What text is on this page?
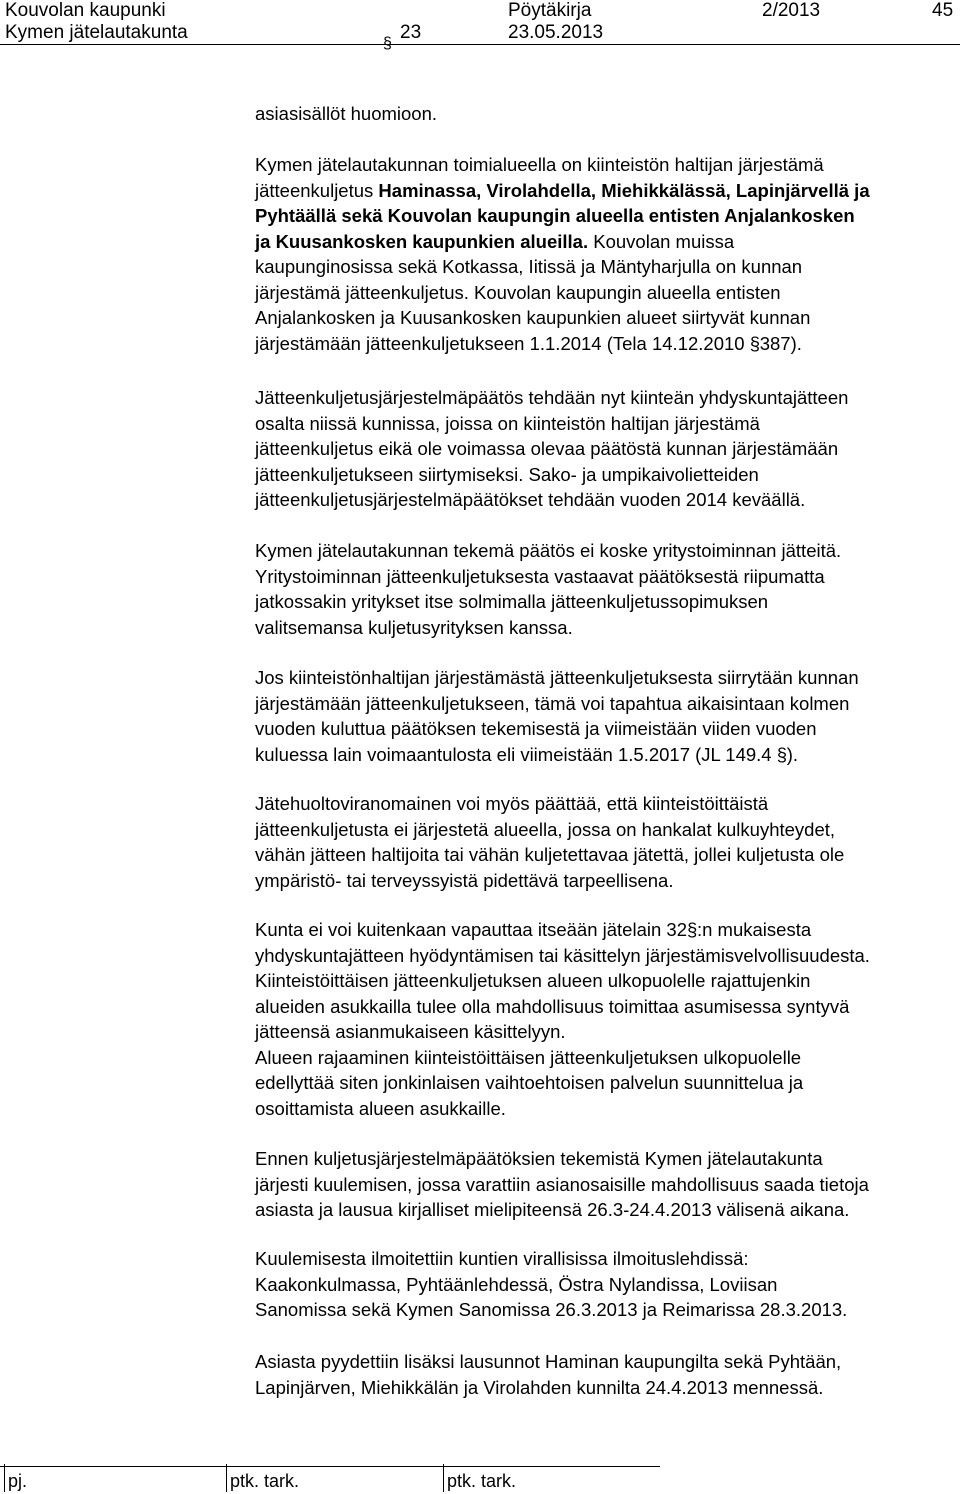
Kouvolan kaupunki	Pöytäkirja	2/2013	45
Kymen jätelautakunta	23	23.05.2013
§
asiasisällöt huomioon.
Kymen jätelautakunnan toimialueella on kiinteistön haltijan järjestämä
jätteenkuljetus Haminassa, Virolahdella, Miehikkälässä, Lapinjärvellä ja
Pyhtäällä sekä Kouvolan kaupungin alueella entisten Anjalankosken
ja Kuusankosken kaupunkien alueilla. Kouvolan muissa
kaupunginosissa sekä Kotkassa, Iitissä ja Mäntyharjulla on kunnan
järjestämä jätteenkuljetus. Kouvolan kaupungin alueella entisten
Anjalankosken ja Kuusankosken kaupunkien alueet siirtyvät kunnan
järjestämään jätteenkuljetukseen 1.1.2014 (Tela 14.12.2010 §387).
Jätteenkuljetusjärjestelmäpäätös tehdään nyt kiinteän yhdyskuntajätteen
osalta niissä kunnissa, joissa on kiinteistön haltijan järjestämä
jätteenkuljetus eikä ole voimassa olevaa päätöstä kunnan järjestämään
jätteenkuljetukseen siirtymiseksi. Sako- ja umpikaivolietteiden
jätteenkuljetusjärjestelmäpäätökset tehdään vuoden 2014 keväällä.
Kymen jätelautakunnan tekemä päätös ei koske yritystoiminnan jätteitä.
Yritystoiminnan jätteenkuljetuksesta vastaavat päätöksestä riipumatta
jatkossakin yritykset itse solmimalla jätteenkuljetussopimuksen
valitsemansa kuljetusyrityksen kanssa.
Jos kiinteistönhaltijan järjestämästä jätteenkuljetuksesta siirrytään kunnan
järjestämään jätteenkuljetukseen, tämä voi tapahtua aikaisintaan kolmen
vuoden kuluttua päätöksen tekemisestä ja viimeistään viiden vuoden
kuluessa lain voimaantulosta eli viimeistään 1.5.2017 (JL 149.4 §).
Jätehuoltoviranomainen voi myös päättää, että kiinteistöittäistä
jätteenkuljetusta ei järjestetä alueella, jossa on hankalat kulkuyhteydet,
vähän jätteen haltijoita tai vähän kuljetettavaa jätettä, jollei kuljetusta ole
ympäristö- tai terveyssyistä pidettävä tarpeellisena.
Kunta ei voi kuitenkaan vapauttaa itseään jätelain 32§:n mukaisesta
yhdyskuntajätteen hyödyntämisen tai käsittelyn järjestämisvelvollisuudesta.
Kiinteistöittäisen jätteenkuljetuksen alueen ulkopuolelle rajattujenkin
alueiden asukkailla tulee olla mahdollisuus toimittaa asumisessa syntyvä
jätteensä asianmukaiseen käsittelyyn.
Alueen rajaaminen kiinteistöittäisen jätteenkuljetuksen ulkopuolelle
edellyttää siten jonkinlaisen vaihtoehtoisen palvelun suunnittelua ja
osoittamista alueen asukkaille.
Ennen kuljetusjärjestelmäpäätöksien tekemistä Kymen jätelautakunta
järjesti kuulemisen, jossa varattiin asianosaisille mahdollisuus saada tietoja
asiasta ja lausua kirjalliset mielipiteensä 26.3-24.4.2013 välisenä aikana.
Kuulemisesta ilmoitettiin kuntien virallisissa ilmoituslehdissä:
Kaakonkulmassa, Pyhtäänlehdessä, Östra Nylandissa, Loviisan
Sanomissa sekä Kymen Sanomissa 26.3.2013 ja Reimarissa 28.3.2013.
Asiasta pyydettiin lisäksi lausunnot Haminan kaupungilta sekä Pyhtään,
Lapinjärven, Miehikkälän ja Virolahden kunnilta 24.4.2013 mennessä.
pj.	ptk. tark.	ptk. tark.
